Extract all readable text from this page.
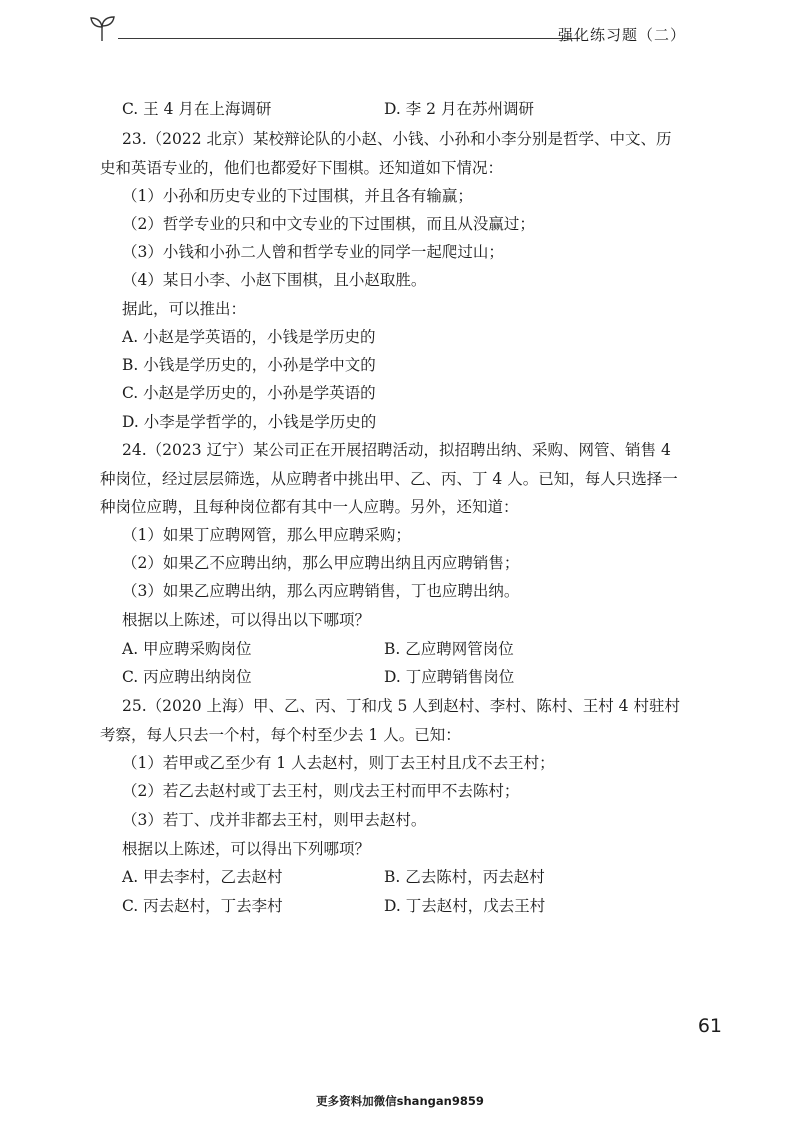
强化练习题（二）
C. 王 4 月在上海调研	D. 李 2 月在苏州调研
23.（2022 北京）某校辩论队的小赵、小钱、小孙和小李分别是哲学、中文、历
史和英语专业的，他们也都爱好下围棋。还知道如下情况：
（1）小孙和历史专业的下过围棋，并且各有输赢；
（2）哲学专业的只和中文专业的下过围棋，而且从没赢过；
（3）小钱和小孙二人曾和哲学专业的同学一起爬过山；
（4）某日小李、小赵下围棋，且小赵取胜。
据此，可以推出：
A. 小赵是学英语的，小钱是学历史的
B. 小钱是学历史的，小孙是学中文的
C. 小赵是学历史的，小孙是学英语的
D. 小李是学哲学的，小钱是学历史的
24.（2023 辽宁）某公司正在开展招聘活动，拟招聘出纳、采购、网管、销售 4
种岗位，经过层层筛选，从应聘者中挑出甲、乙、丙、丁 4 人。已知，每人只选择一
种岗位应聘，且每种岗位都有其中一人应聘。另外，还知道：
（1）如果丁应聘网管，那么甲应聘采购；
（2）如果乙不应聘出纳，那么甲应聘出纳且丙应聘销售；
（3）如果乙应聘出纳，那么丙应聘销售，丁也应聘出纳。
根据以上陈述，可以得出以下哪项？
A. 甲应聘采购岗位	B. 乙应聘网管岗位
C. 丙应聘出纳岗位	D. 丁应聘销售岗位
25.（2020 上海）甲、乙、丙、丁和戊 5 人到赵村、李村、陈村、王村 4 村驻村
考察，每人只去一个村，每个村至少去 1 人。已知：
（1）若甲或乙至少有 1 人去赵村，则丁去王村且戊不去王村；
（2）若乙去赵村或丁去王村，则戊去王村而甲不去陈村；
（3）若丁、戊并非都去王村，则甲去赵村。
根据以上陈述，可以得出下列哪项？
A. 甲去李村，乙去赵村	B. 乙去陈村，丙去赵村
C. 丙去赵村，丁去李村	D. 丁去赵村，戊去王村
61
更多资料加微信shangan9859
